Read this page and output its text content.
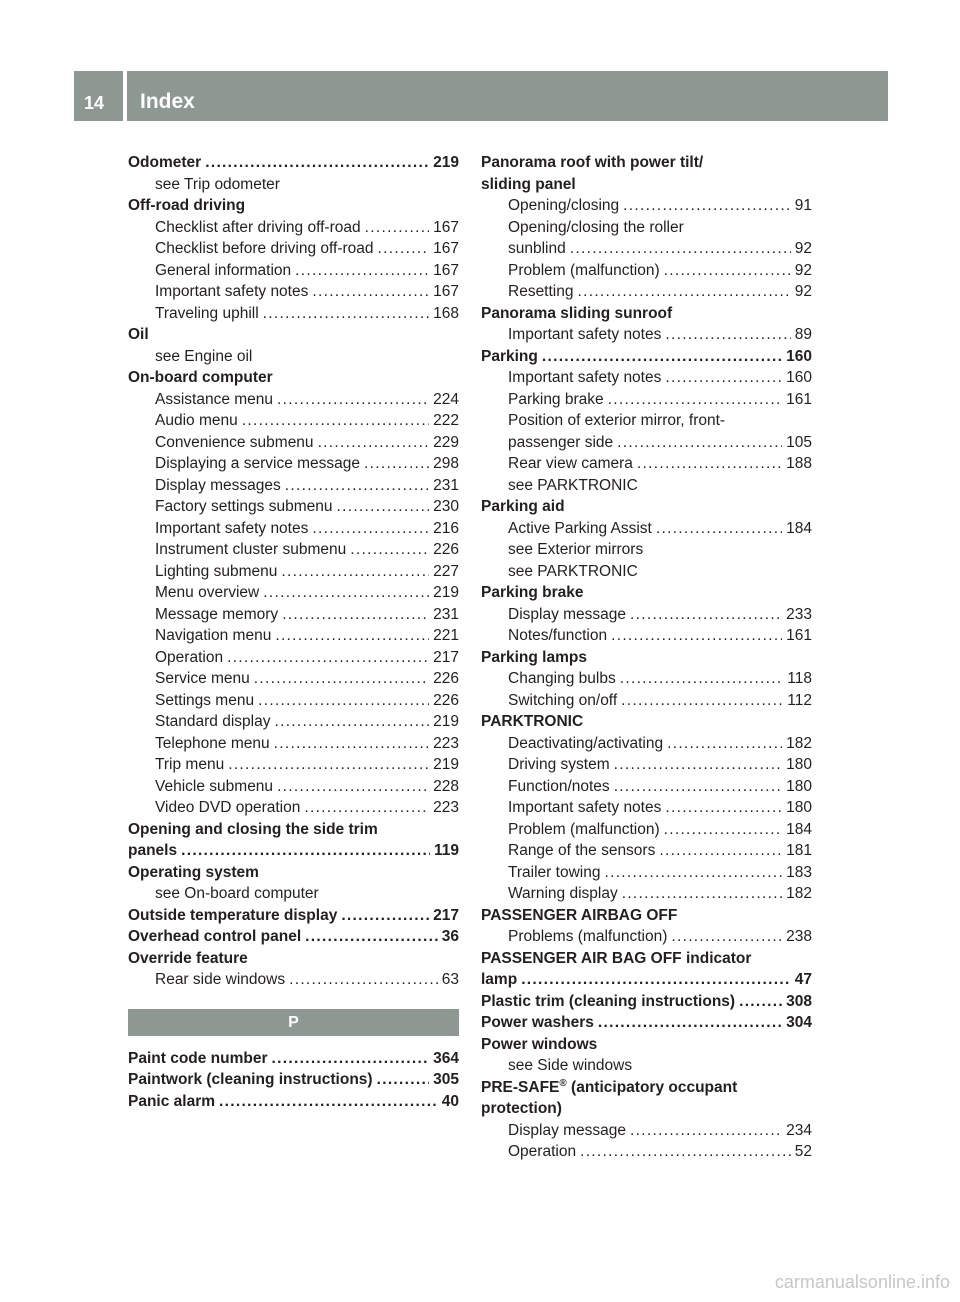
14 Index
Odometer . . .	219
see Trip odometer
Off-road driving
Checklist after driving off-road . . .	167
Checklist before driving off-road . . .	167
General information . . .	167
Important safety notes . . .	167
Traveling uphill . . .	168
Oil
see Engine oil
On-board computer
Assistance menu . . .	224
Audio menu . . .	222
Convenience submenu . . .	229
Displaying a service message . . .	298
Display messages . . .	231
Factory settings submenu . . .	230
Important safety notes . . .	216
Instrument cluster submenu . . .	226
Lighting submenu . . .	227
Menu overview . . .	219
Message memory . . .	231
Navigation menu . . .	221
Operation . . .	217
Service menu . . .	226
Settings menu . . .	226
Standard display . . .	219
Telephone menu . . .	223
Trip menu . . .	219
Vehicle submenu . . .	228
Video DVD operation . . .	223
Opening and closing the side trim
panels . . .	119
Operating system
see On-board computer
Outside temperature display . . .	217
Overhead control panel . . .	36
Override feature
Rear side windows . . .	63
P
Paint code number . . .	364
Paintwork (cleaning instructions) . . .	305
Panic alarm . . .	40
Panorama roof with power tilt/
sliding panel
Opening/closing . . .	91
Opening/closing the roller
sunblind . . .	92
Problem (malfunction) . . .	92
Resetting . . .	92
Panorama sliding sunroof
Important safety notes . . .	89
Parking . . .	160
Important safety notes . . .	160
Parking brake . . .	161
Position of exterior mirror, front-
passenger side . . .	105
Rear view camera . . .	188
see PARKTRONIC
Parking aid
Active Parking Assist . . .	184
see Exterior mirrors
see PARKTRONIC
Parking brake
Display message . . .	233
Notes/function . . .	161
Parking lamps
Changing bulbs . . .	118
Switching on/off . . .	112
PARKTRONIC
Deactivating/activating . . .	182
Driving system . . .	180
Function/notes . . .	180
Important safety notes . . .	180
Problem (malfunction) . . .	184
Range of the sensors . . .	181
Trailer towing . . .	183
Warning display . . .	182
PASSENGER AIRBAG OFF
Problems (malfunction) . . .	238
PASSENGER AIR BAG OFF indicator
lamp . . .	47
Plastic trim (cleaning instructions) . . .	308
Power washers . . .	304
Power windows
see Side windows
PRE-SAFE® (anticipatory occupant
protection)
Display message . . .	234
Operation . . .	52
carmanualsonline.info
